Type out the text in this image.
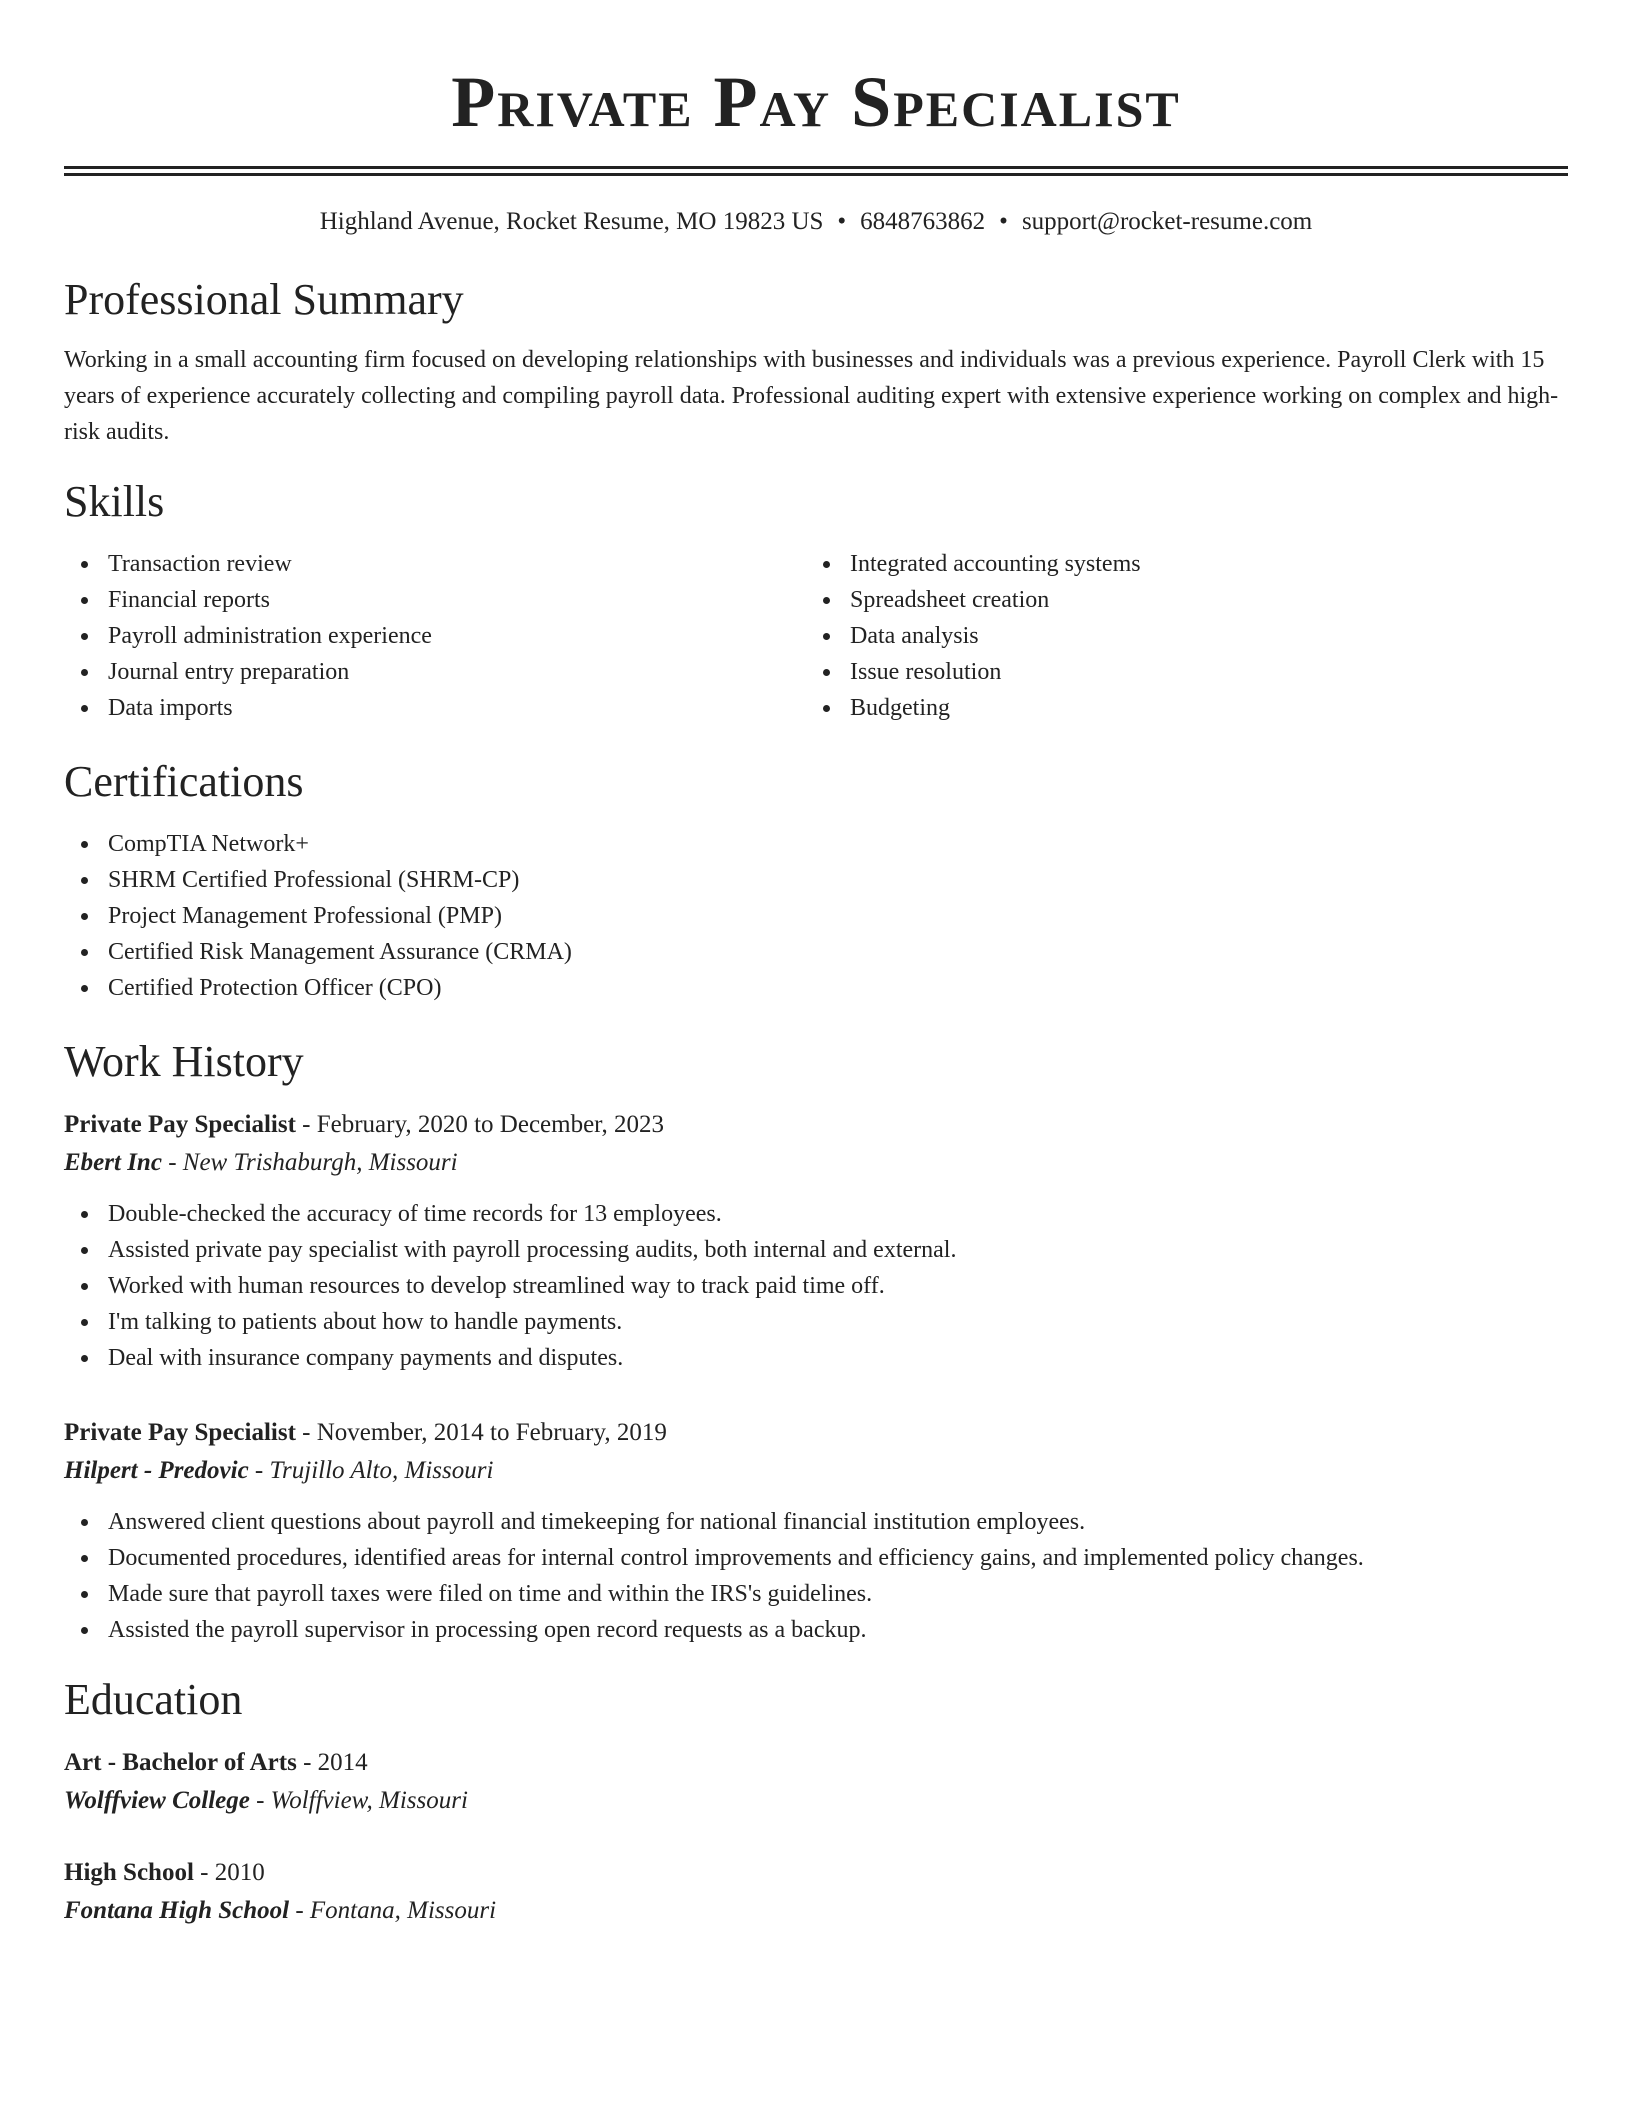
Private Pay Specialist
Highland Avenue, Rocket Resume, MO 19823 US • 6848763862 • support@rocket-resume.com
Professional Summary

Working in a small accounting firm focused on developing relationships with businesses and individuals was a previous experience. Payroll Clerk with 15 years of experience accurately collecting and compiling payroll data. Professional auditing expert with extensive experience working on complex and high-risk audits.

Skills
Transaction review
Financial reports
Payroll administration experience
Journal entry preparation
Data imports
Integrated accounting systems
Spreadsheet creation
Data analysis
Issue resolution
Budgeting
Certifications
CompTIA Network+
SHRM Certified Professional (SHRM-CP)
Project Management Professional (PMP)
Certified Risk Management Assurance (CRMA)
Certified Protection Officer (CPO)
Work History
Private Pay Specialist - February, 2020 to December, 2023
Ebert Inc - New Trishaburgh, Missouri
Double-checked the accuracy of time records for 13 employees.
Assisted private pay specialist with payroll processing audits, both internal and external.
Worked with human resources to develop streamlined way to track paid time off.
I'm talking to patients about how to handle payments.
Deal with insurance company payments and disputes.
Private Pay Specialist - November, 2014 to February, 2019
Hilpert - Predovic - Trujillo Alto, Missouri
Answered client questions about payroll and timekeeping for national financial institution employees.
Documented procedures, identified areas for internal control improvements and efficiency gains, and implemented policy changes.
Made sure that payroll taxes were filed on time and within the IRS's guidelines.
Assisted the payroll supervisor in processing open record requests as a backup.
Education
Art - Bachelor of Arts - 2014
Wolffview College - Wolffview, Missouri
High School - 2010
Fontana High School - Fontana, Missouri
